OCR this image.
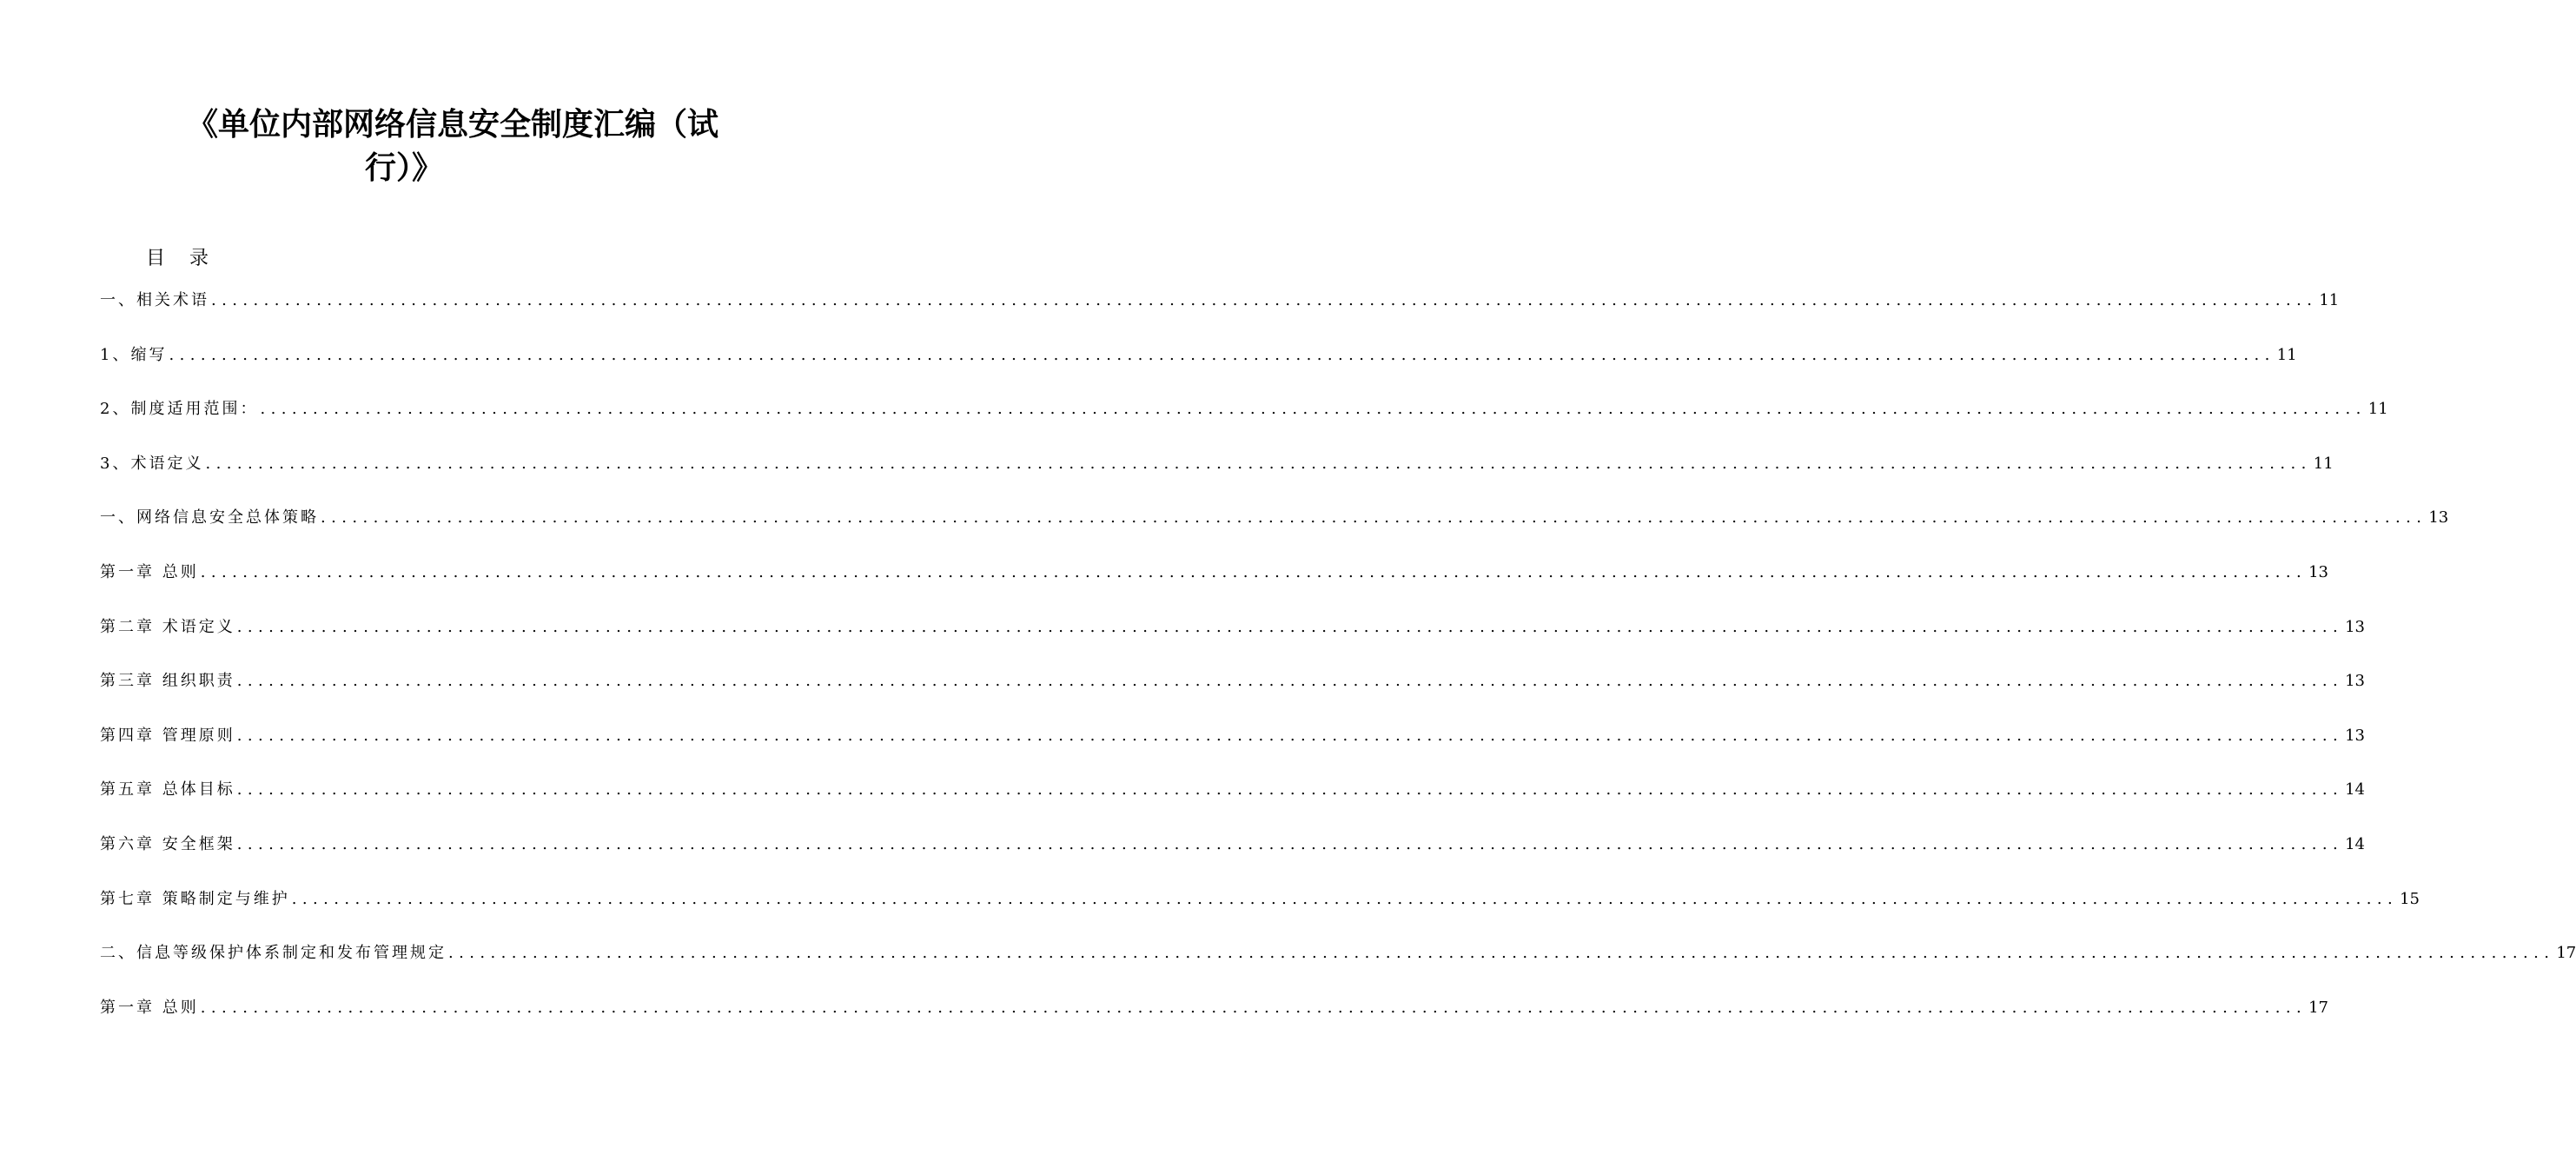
《单位内部网络信息安全制度汇编（试
行）》
目录
一、相关术语 ........................................................................................................................................................................................................ 11
1、缩写 ........................................................................................................................................................................................................ 11
2、制度适用范围： ........................................................................................................................................................................................................ 11
3、术语定义 ........................................................................................................................................................................................................ 11
一、网络信息安全总体策略 ........................................................................................................................................................................................................ 13
第一章 总则 ........................................................................................................................................................................................................ 13
第二章 术语定义 ........................................................................................................................................................................................................ 13
第三章 组织职责 ........................................................................................................................................................................................................ 13
第四章 管理原则 ........................................................................................................................................................................................................ 13
第五章 总体目标 ........................................................................................................................................................................................................ 14
第六章 安全框架 ........................................................................................................................................................................................................ 14
第七章 策略制定与维护 ........................................................................................................................................................................................................ 15
二、信息等级保护体系制定和发布管理规定 ........................................................................................................................................................................................................ 17
第一章 总则 ........................................................................................................................................................................................................ 17
